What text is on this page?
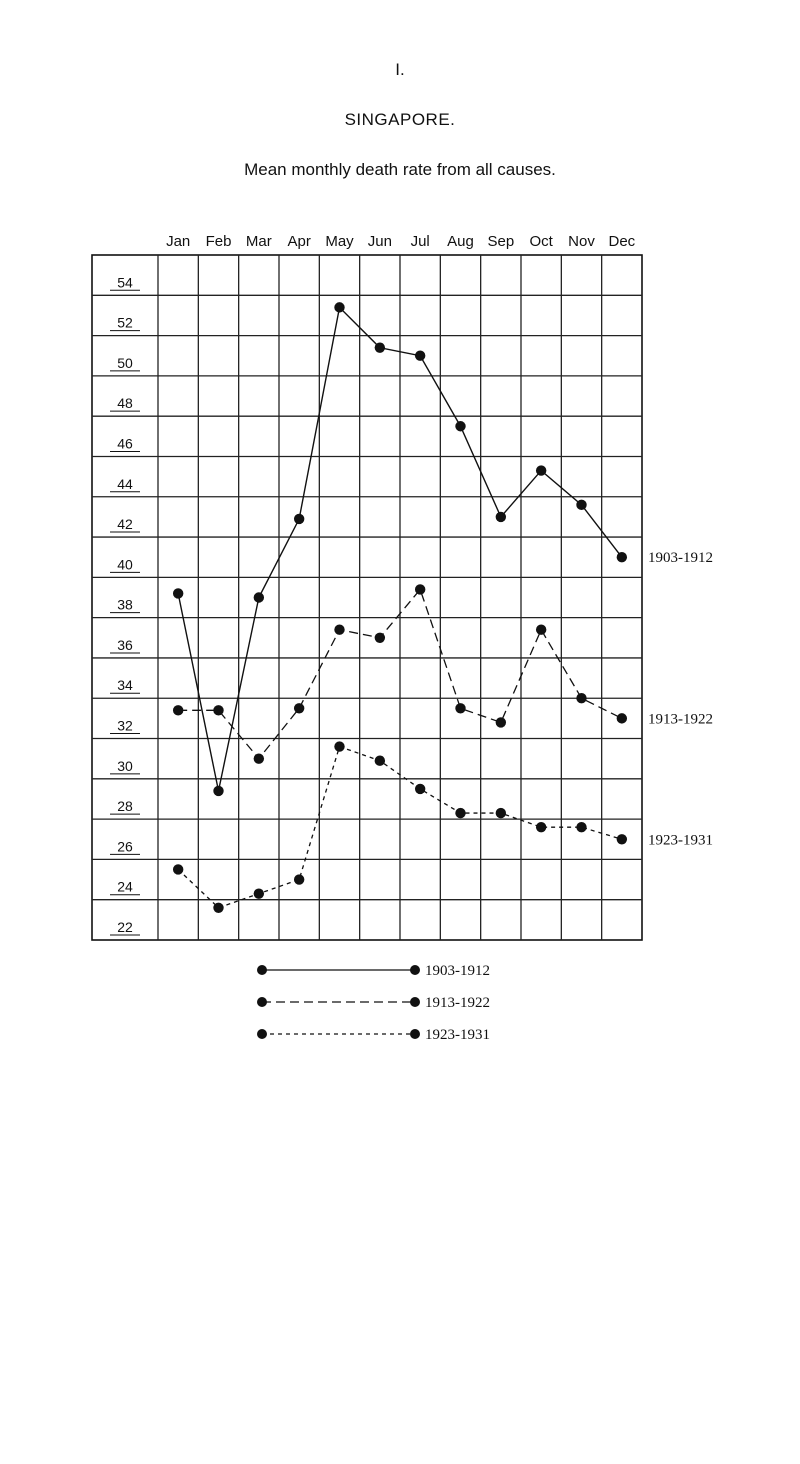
I.
SINGAPORE.
Mean monthly death rate from all causes.
Jan Feb Mar Apr May Jun Jul Aug Sep Oct Nov Dec
54
52
50
48
46
44
42
40
38
36
34
32
30
28
26
24
22
1903-1912
1913-1922
1923-1931
1903-1912
1913-1922
1923-1931
